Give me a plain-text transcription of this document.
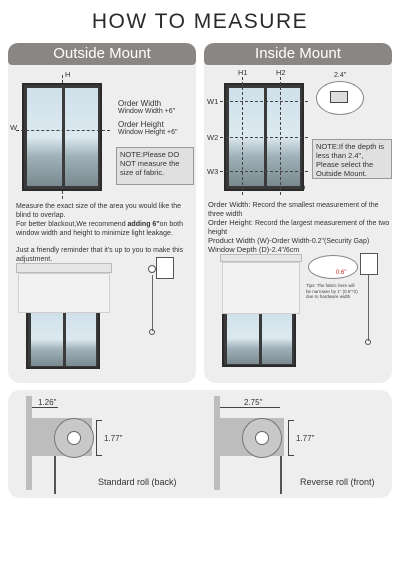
HOW TO MEASURE
Outside Mount
H
W
Order Width
Window Width +6"
Order Height
Window Height +6"
NOTE:Please DO NOT measure the size of fabric.
Measure the exact size of the area you would like the blind to overlap.
For better blackout,We recommend adding 6"on both window width and height to minimize light leakage.
Just a friendly reminder that it's up to you to make this adjustment.
Inside Mount
H1	H2
W1
W2
W3
D
2.4"
NOTE:If the depth is less than 2.4", Please select the Outside Mount.
Order Width: Record the smallest measurement of the three width
Order Height: Record the largest measurement of the two height
Product Width (W)-Order Width-0.2"(Security Gap)
Window Depth (D)-2.4"/6cm
0.6"
Tips: The fabric here will be narrower by 1" (0.5"*2) due to hardware width
1.26"
1.77"
Standard roll (back)
2.75"
1.77"
Reverse roll (front)
